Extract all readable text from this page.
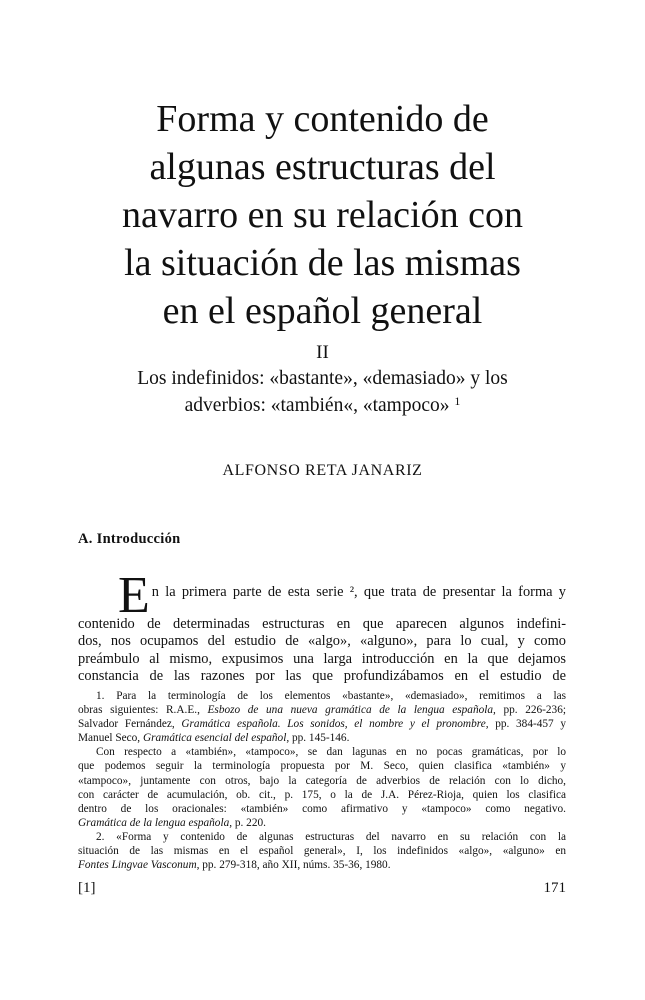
Forma y contenido de
algunas estructuras del
navarro en su relación con
la situación de las mismas
en el español general
II
Los indefinidos: «bastante», «demasiado» y los
adverbios: «también«, «tampoco» $^1$
ALFONSO RETA JANARIZ
A. Introducción
E n la primera parte de esta serie ², que trata de presentar la forma y
contenido de determinadas estructuras en que aparecen algunos indefini-
dos, nos ocupamos del estudio de «algo», «alguno», para lo cual, y como
preámbulo al mismo, expusimos una larga introducción en la que dejamos
constancia de las razones por las que profundizábamos en el estudio de
1. Para la terminología de los elementos «bastante», «demasiado», remitimos a las
obras siguientes: R.A.E., Esbozo de una nueva gramática de la lengua española, pp. 226-236;
Salvador Fernández, Gramática española. Los sonidos, el nombre y el pronombre, pp. 384-457 y
Manuel Seco, Gramática esencial del español, pp. 145-146.
Con respecto a «también», «tampoco», se dan lagunas en no pocas gramáticas, por lo
que podemos seguir la terminología propuesta por M. Seco, quien clasifica «también» y
«tampoco», juntamente con otros, bajo la categoría de adverbios de relación con lo dicho,
con carácter de acumulación, ob. cit., p. 175, o la de J.A. Pérez-Rioja, quien los clasifica
dentro de los oracionales: «también» como afirmativo y «tampoco» como negativo.
Gramática de la lengua española, p. 220.
2. «Forma y contenido de algunas estructuras del navarro en su relación con la
situación de las mismas en el español general», I, los indefinidos «algo», «alguno» en
Fontes Lingvae Vasconum, pp. 279-318, año XII, núms. 35-36, 1980.
[1]	171
